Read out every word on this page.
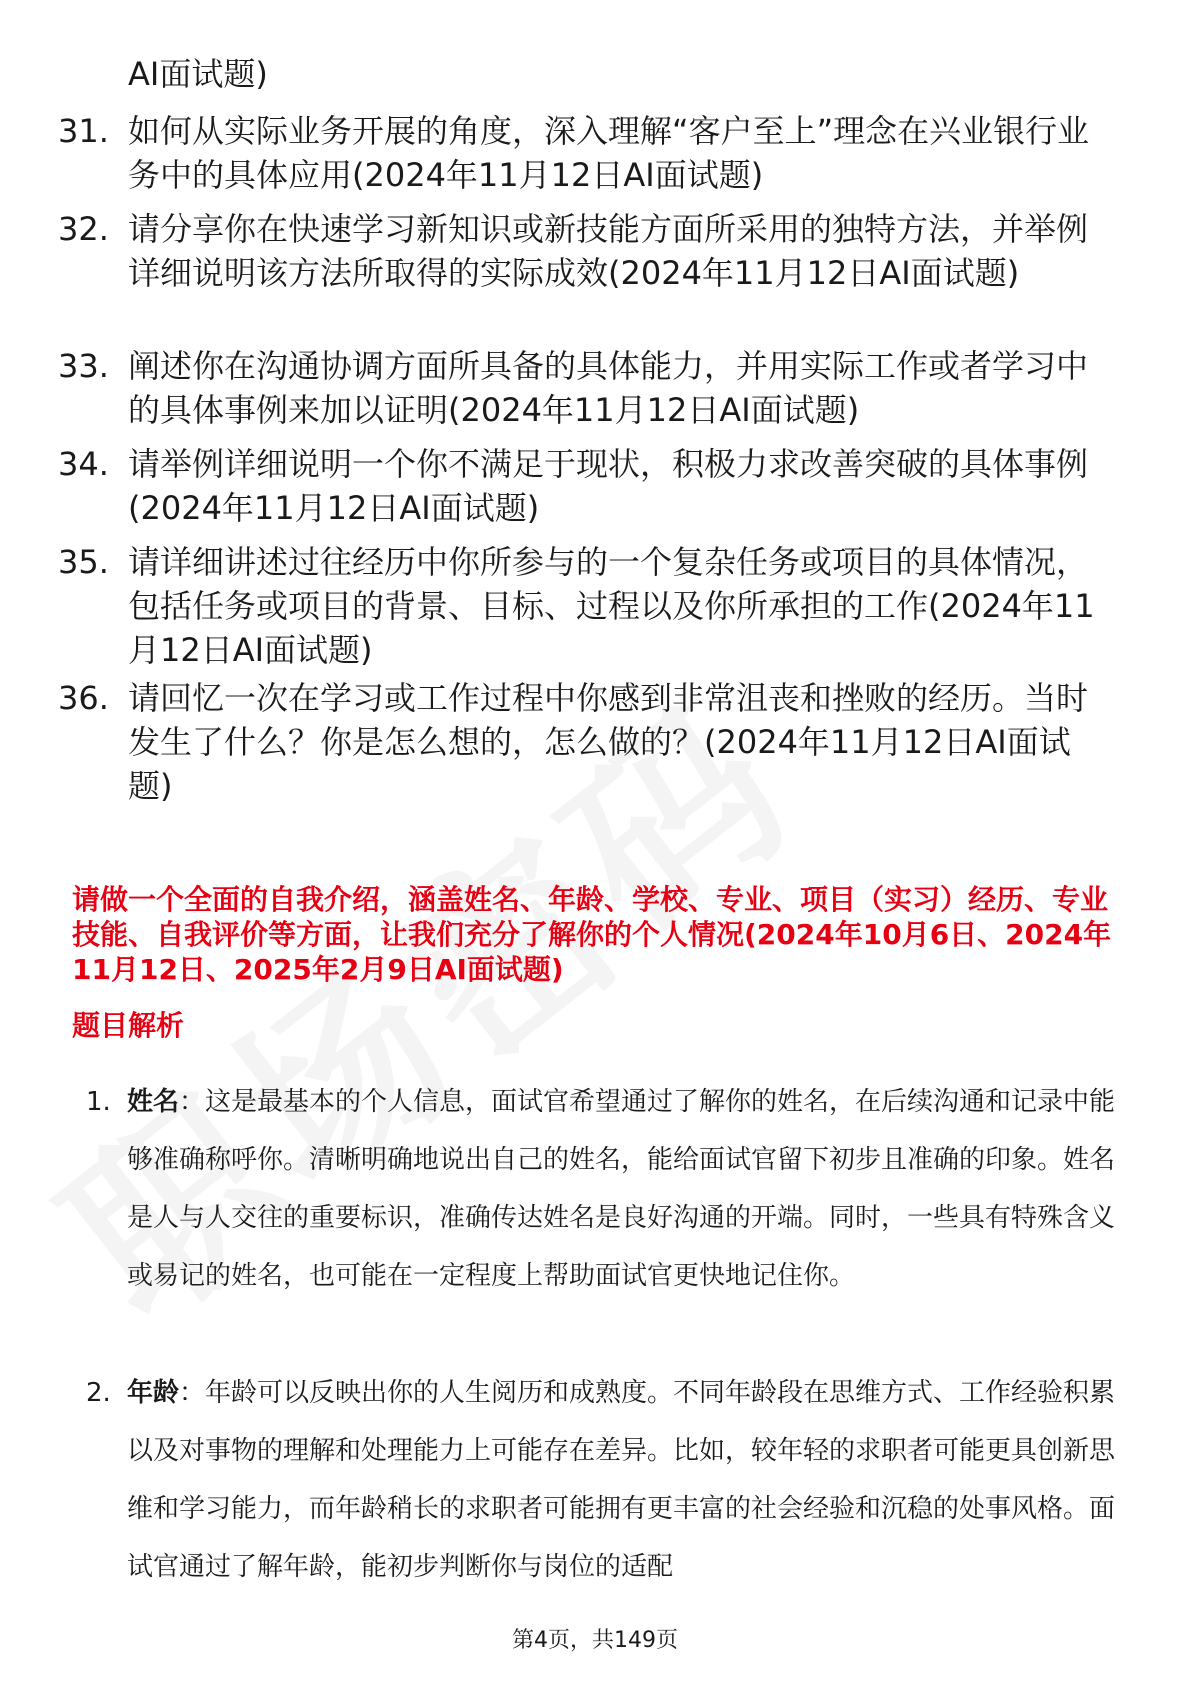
AI面试题)
31. 如何从实际业务开展的角度，深入理解“客户至上”理念在兴业银行业务中的具体应用(2024年11月12日AI面试题)
32. 请分享你在快速学习新知识或新技能方面所采用的独特方法，并举例详细说明该方法所取得的实际成效(2024年11月12日AI面试题)
33. 阐述你在沟通协调方面所具备的具体能力，并用实际工作或者学习中的具体事例来加以证明(2024年11月12日AI面试题)
34. 请举例详细说明一个你不满足于现状，积极力求改善突破的具体事例(2024年11月12日AI面试题)
35. 请详细讲述过往经历中你所参与的一个复杂任务或项目的具体情况，包括任务或项目的背景、目标、过程以及你所承担的工作(2024年11月12日AI面试题)
36. 请回忆一次在学习或工作过程中你感到非常沮丧和挫败的经历。当时发生了什么？你是怎么想的，怎么做的？(2024年11月12日AI面试题)
请做一个全面的自我介绍，涵盖姓名、年龄、学校、专业、项目（实习）经历、专业技能、自我评价等方面，让我们充分了解你的个人情况(2024年10月6日、2024年11月12日、2025年2月9日AI面试题)
题目解析
1. 姓名：这是最基本的个人信息，面试官希望通过了解你的姓名，在后续沟通和记录中能够准确称呼你。清晰明确地说出自己的姓名，能给面试官留下初步且准确的印象。姓名是人与人交往的重要标识，准确传达姓名是良好沟通的开端。同时，一些具有特殊含义或易记的姓名，也可能在一定程度上帮助面试官更快地记住你。
2. 年龄：年龄可以反映出你的人生阅历和成熟度。不同年龄段在思维方式、工作经验积累以及对事物的理解和处理能力上可能存在差异。比如，较年轻的求职者可能更具创新思维和学习能力，而年龄稍长的求职者可能拥有更丰富的社会经验和沉稳的处事风格。面试官通过了解年龄，能初步判断你与岗位的适配
第4页，共149页
